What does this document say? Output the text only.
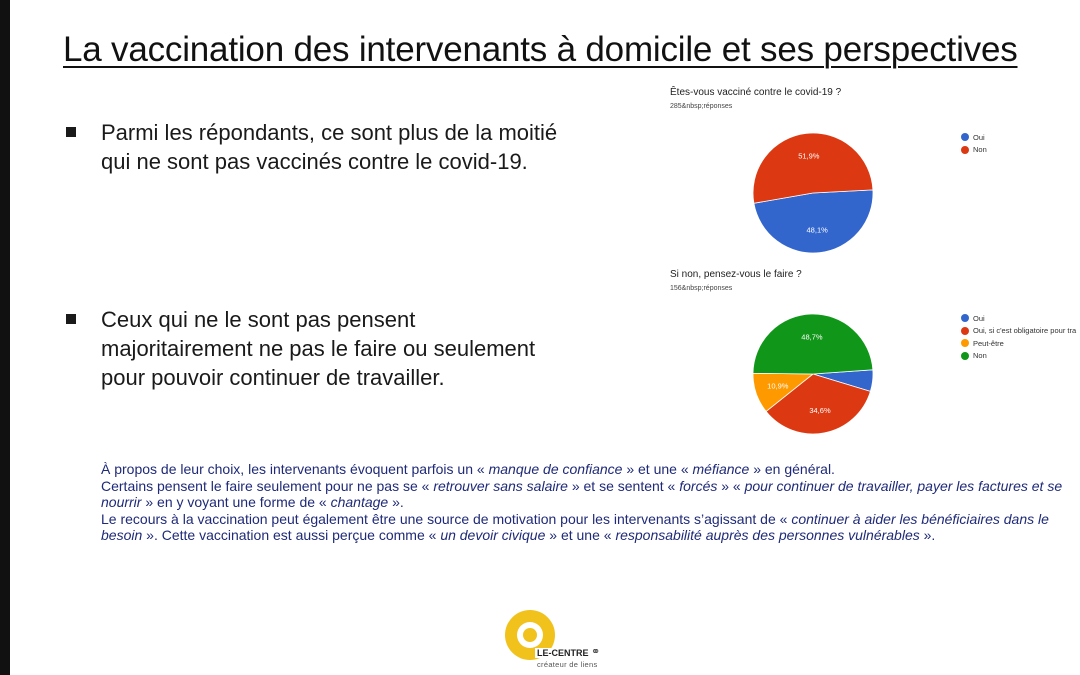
La vaccination des intervenants à domicile et ses perspectives
Parmi les répondants, ce sont plus de la moitié qui ne sont pas vaccinés contre le covid-19.
Ceux qui ne le sont pas pensent majoritairement ne pas le faire ou seulement pour pouvoir continuer de travailler.
Êtes-vous vacciné contre le covid-19 ?
285&nbsp;réponses
48,1%
51,9%
Oui
Non
Si non, pensez-vous le faire ?
156&nbsp;réponses
34,6%
10,9%
48,7%
Oui
Oui, si c'est obligatoire pour tra
Peut-être
Non

À propos de leur choix, les intervenants évoquent parfois un « manque de confiance » et une « méfiance » en général.

Certains pensent le faire seulement pour ne pas se « retrouver sans salaire » et se sentent « forcés » « pour continuer de travailler, payer les factures et se nourrir » en y voyant une forme de « chantage ».

Le recours à la vaccination peut également être une source de motivation pour les intervenants s’agissant de « continuer à aider les bénéficiaires dans le besoin ». Cette vaccination est aussi perçue comme « un devoir civique » et une « responsabilité auprès des personnes vulnérables ».

LE-CENTRE ⚭
créateur de liens
